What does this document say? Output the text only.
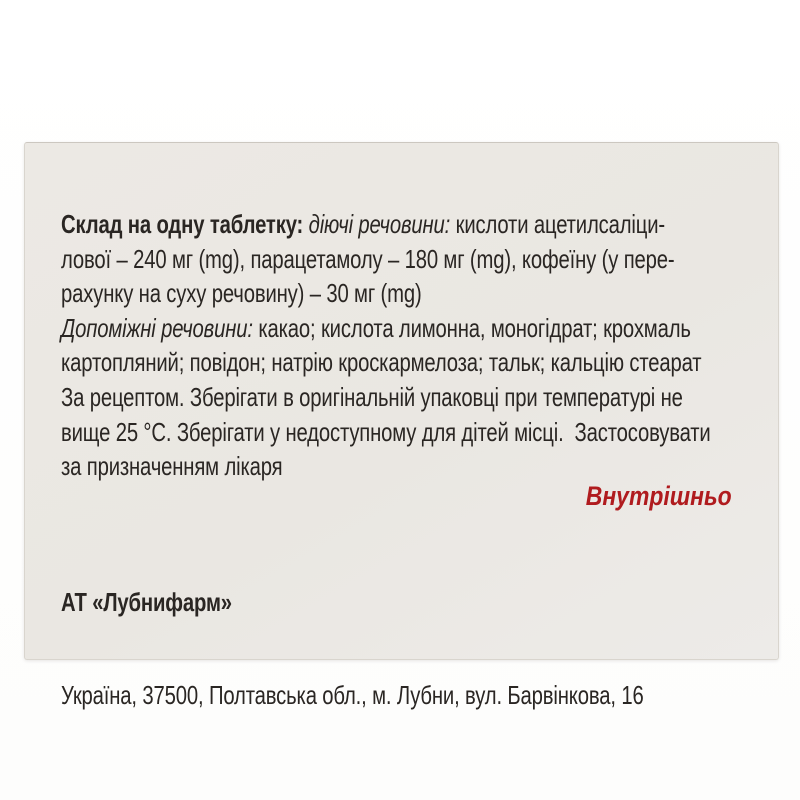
Склад на одну таблетку: діючі речовини: кислоти ацетилсаліци-
лової – 240 мг (mg), парацетамолу – 180 мг (mg), кофеїну (у пере-
рахунку на суху речовину) – 30 мг (mg)
Допоміжні речовини: какао; кислота лимонна, моногідрат; крохмаль
картопляний; повідон; натрію кроскармелоза; тальк; кальцію стеарат
За рецептом. Зберігати в оригінальній упаковці при температурі не
вище 25 °С. Зберігати у недоступному для дітей місці.  Застосовувати
за призначенням лікаря
Внутрішньо

АТ «Лубнифарм»

Україна, 37500, Полтавська обл., м. Лубни, вул. Барвінкова, 16
